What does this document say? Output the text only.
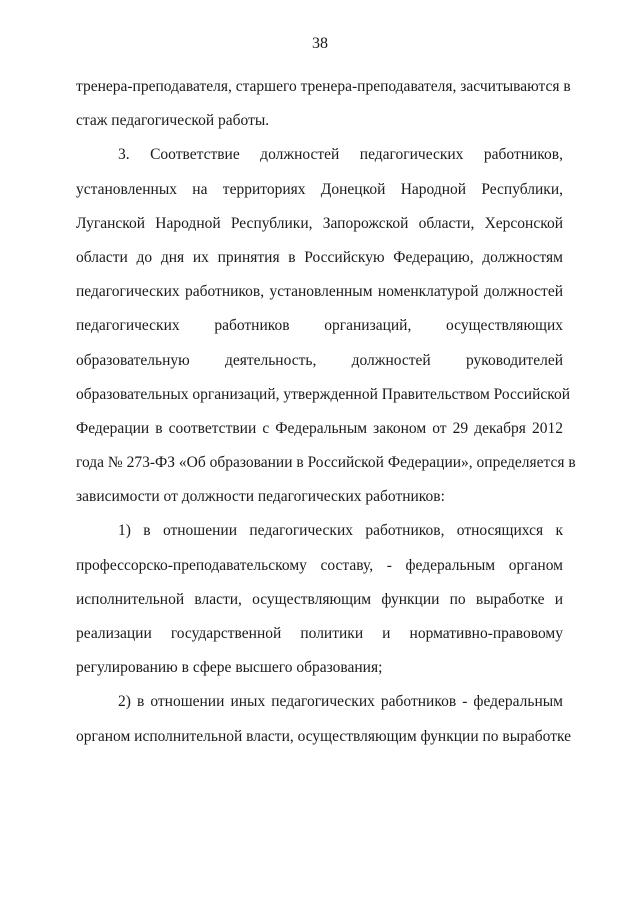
38
тренера-преподавателя, старшего тренера-преподавателя, засчитываются в
стаж педагогической работы.
3. Соответствие должностей педагогических работников,
установленных на территориях Донецкой Народной Республики,
Луганской Народной Республики, Запорожской области, Херсонской
области до дня их принятия в Российскую Федерацию, должностям
педагогических работников, установленным номенклатурой должностей
педагогических работников организаций, осуществляющих
образовательную деятельность, должностей руководителей
образовательных организаций, утвержденной Правительством Российской
Федерации в соответствии с Федеральным законом от 29 декабря 2012
года № 273-ФЗ «Об образовании в Российской Федерации», определяется в
зависимости от должности педагогических работников:
1) в отношении педагогических работников, относящихся к
профессорско-преподавательскому составу, - федеральным органом
исполнительной власти, осуществляющим функции по выработке и
реализации государственной политики и нормативно-правовому
регулированию в сфере высшего образования;
2) в отношении иных педагогических работников - федеральным
органом исполнительной власти, осуществляющим функции по выработке
